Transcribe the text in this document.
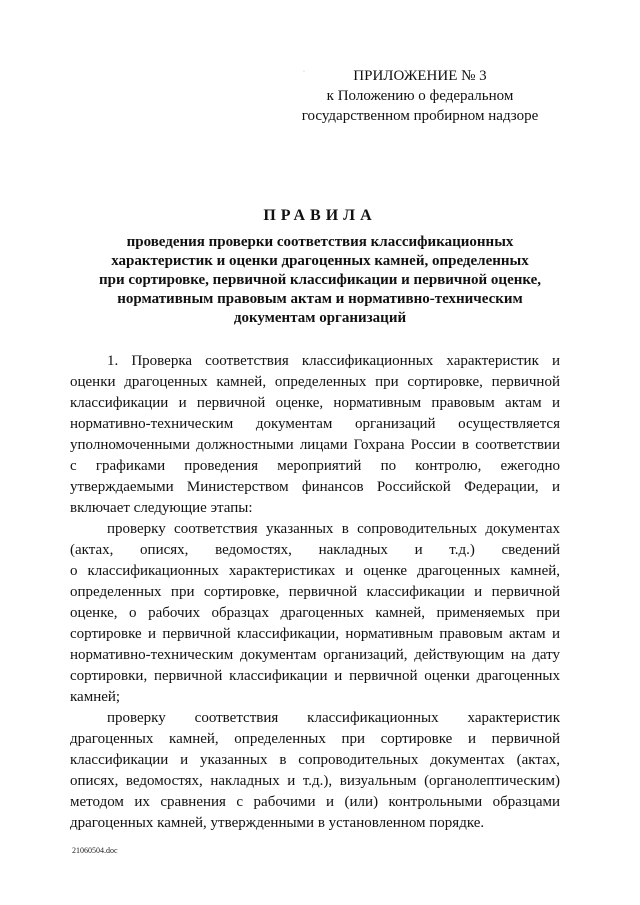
·	ПРИЛОЖЕНИЕ № 3
к Положению о федеральном
государственном пробирном надзоре
ПРАВИЛА
проведения проверки соответствия классификационных
характеристик и оценки драгоценных камней, определенных
при сортировке, первичной классификации и первичной оценке,
нормативным правовым актам и нормативно-техническим
документам организаций
1. Проверка соответствия классификационных характеристик и
оценки драгоценных камней, определенных при сортировке, первичной
классификации и первичной оценке, нормативным правовым актам и
нормативно-техническим документам организаций осуществляется
уполномоченными должностными лицами Гохрана России в соответствии
с графиками проведения мероприятий по контролю, ежегодно
утверждаемыми Министерством финансов Российской Федерации, и
включает следующие этапы:
проверку соответствия указанных в сопроводительных документах
(актах, описях, ведомостях, накладных и т.д.) сведений
о классификационных характеристиках и оценке драгоценных камней,
определенных при сортировке, первичной классификации и первичной
оценке, о рабочих образцах драгоценных камней, применяемых при
сортировке и первичной классификации, нормативным правовым актам и
нормативно-техническим документам организаций, действующим на дату
сортировки, первичной классификации и первичной оценки драгоценных
камней;
проверку соответствия классификационных характеристик
драгоценных камней, определенных при сортировке и первичной
классификации и указанных в сопроводительных документах (актах,
описях, ведомостях, накладных и т.д.), визуальным (органолептическим)
методом их сравнения с рабочими и (или) контрольными образцами
драгоценных камней, утвержденными в установленном порядке.
21060504.doc
